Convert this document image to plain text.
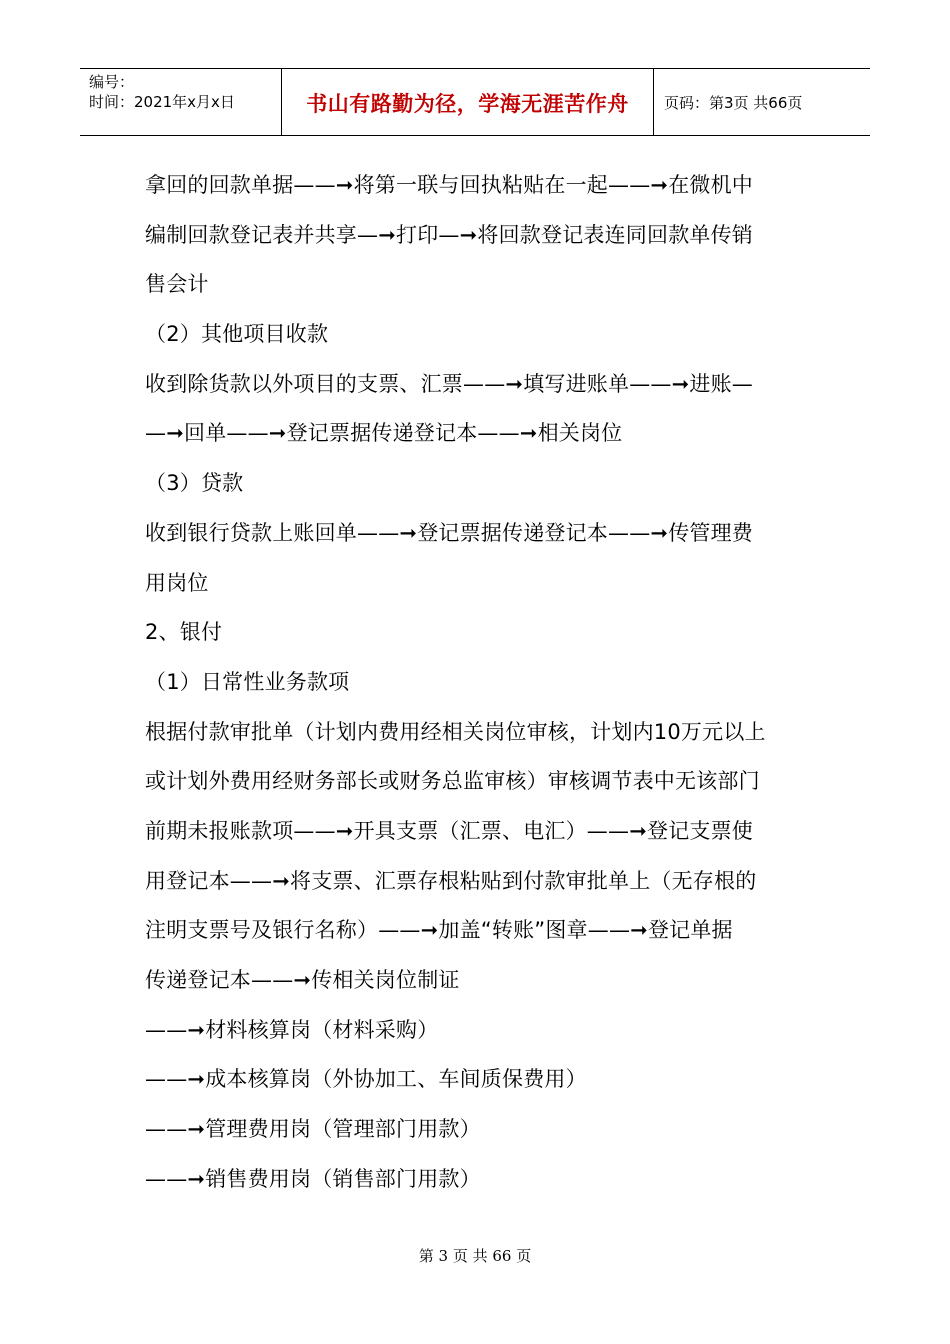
编号：
时间：2021年x月x日	书山有路勤为径，学海无涯苦作舟	页码：第3页 共66页
拿回的回款单据——➞将第一联与回执粘贴在一起——➞在微机中
编制回款登记表并共享—➞打印—➞将回款登记表连同回款单传销
售会计
（2）其他项目收款
收到除货款以外项目的支票、汇票——➞填写进账单——➞进账—
—➞回单——➞登记票据传递登记本——➞相关岗位
（3）贷款
收到银行贷款上账回单——➞登记票据传递登记本——➞传管理费
用岗位
2、银付
（1）日常性业务款项
根据付款审批单（计划内费用经相关岗位审核，计划内10万元以上
或计划外费用经财务部长或财务总监审核）审核调节表中无该部门
前期未报账款项——➞开具支票（汇票、电汇）——➞登记支票使
用登记本——➞将支票、汇票存根粘贴到付款审批单上（无存根的
注明支票号及银行名称）——➞加盖“转账”图章——➞登记单据
传递登记本——➞传相关岗位制证
——➞材料核算岗（材料采购）
——➞成本核算岗（外协加工、车间质保费用）
——➞管理费用岗（管理部门用款）
——➞销售费用岗（销售部门用款）
第 3 页 共 66 页
